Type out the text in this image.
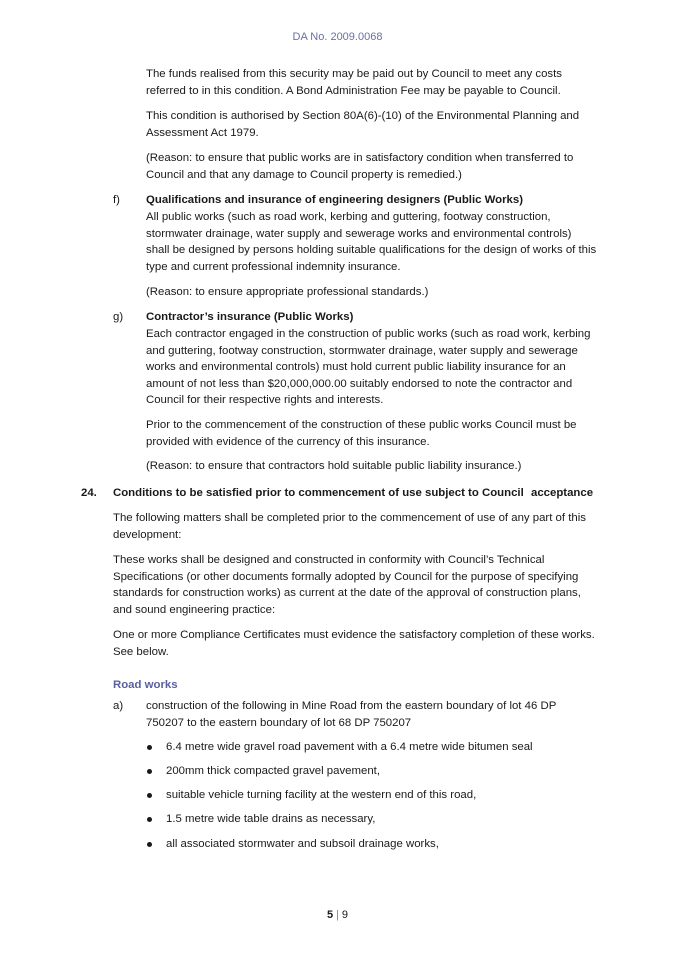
DA No. 2009.0068

The funds realised from this security may be paid out by Council to meet any costs referred to in this condition. A Bond Administration Fee may be payable to Council.

This condition is authorised by Section 80A(6)-(10) of the Environmental Planning and Assessment Act 1979.

(Reason: to ensure that public works are in satisfactory condition when transferred to Council and that any damage to Council property is remedied.)

f) Qualifications and insurance of engineering designers (Public Works)

All public works (such as road work, kerbing and guttering, footway construction, stormwater drainage, water supply and sewerage works and environmental controls) shall be designed by persons holding suitable qualifications for the design of works of this type and current professional indemnity insurance.

(Reason: to ensure appropriate professional standards.)

g) Contractor’s insurance (Public Works)

Each contractor engaged in the construction of public works (such as road work, kerbing and guttering, footway construction, stormwater drainage, water supply and sewerage works and environmental controls) must hold current public liability insurance for an amount of not less than $20,000,000.00 suitably endorsed to note the contractor and Council for their respective rights and interests.

Prior to the commencement of the construction of these public works Council must be provided with evidence of the currency of this insurance.

(Reason: to ensure that contractors hold suitable public liability insurance.)

24. Conditions to be satisfied prior to commencement of use subject to Council acceptance

The following matters shall be completed prior to the commencement of use of any part of this development:

These works shall be designed and constructed in conformity with Council’s Technical Specifications (or other documents formally adopted by Council for the purpose of specifying standards for construction works) as current at the date of the approval of construction plans, and sound engineering practice:

One or more Compliance Certificates must evidence the satisfactory completion of these works. See below.

Road works
a) construction of the following in Mine Road from the eastern boundary of lot 46 DP 750207 to the eastern boundary of lot 68 DP 750207

6.4 metre wide gravel road pavement with a 6.4 metre wide bitumen seal
200mm thick compacted gravel pavement,
suitable vehicle turning facility at the western end of this road,
1.5 metre wide table drains as necessary,
all associated stormwater and subsoil drainage works,
5 | 9
